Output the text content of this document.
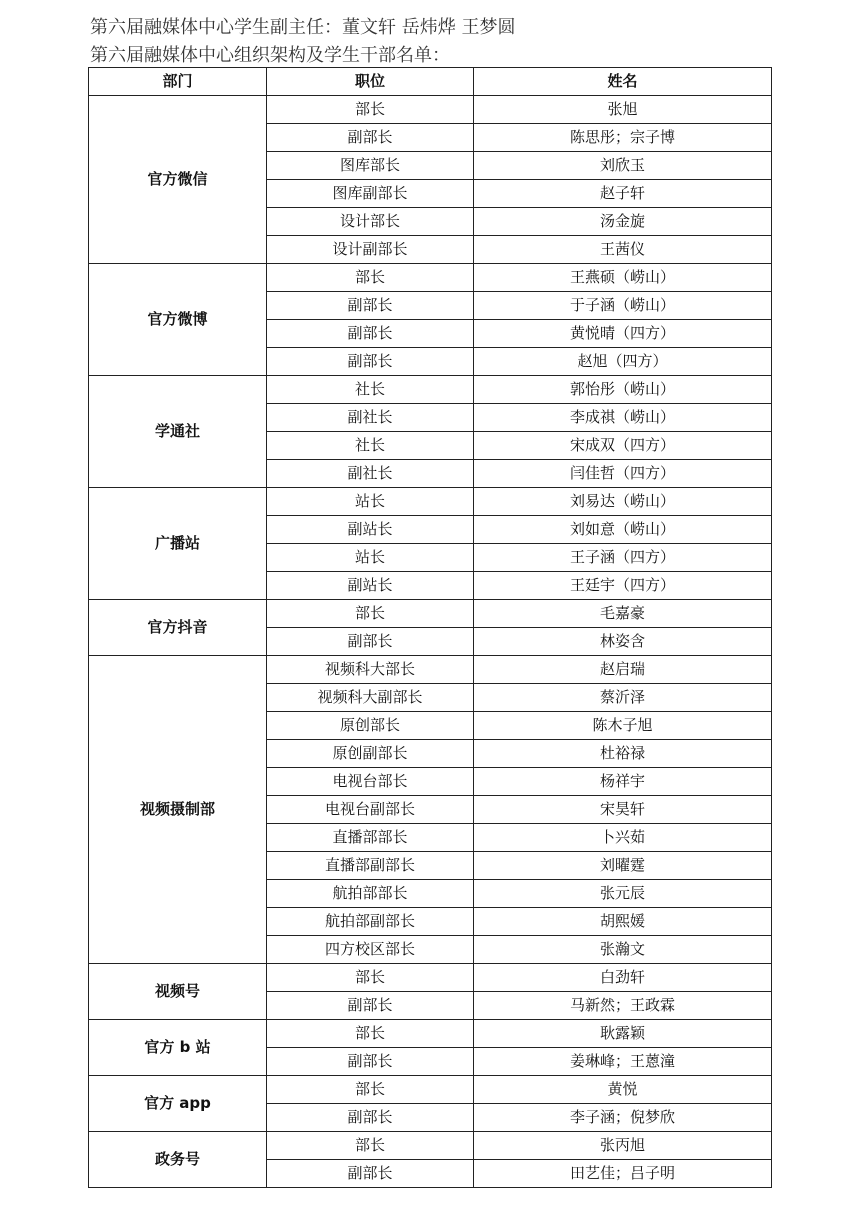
第六届融媒体中心学生副主任：董文轩 岳炜烨 王梦圆
第六届融媒体中心组织架构及学生干部名单：
部门	职位	姓名
官方微信	部长	张旭
	副部长	陈思彤；宗子博
	图库部长	刘欣玉
	图库副部长	赵子轩
	设计部长	汤金旋
	设计副部长	王茜仪
官方微博	部长	王燕硕（崂山）
	副部长	于子涵（崂山）
	副部长	黄悦晴（四方）
	副部长	赵旭（四方）
学通社	社长	郭怡彤（崂山）
	副社长	李成祺（崂山）
	社长	宋成双（四方）
	副社长	闫佳哲（四方）
广播站	站长	刘易达（崂山）
	副站长	刘如意（崂山）
	站长	王子涵（四方）
	副站长	王廷宇（四方）
官方抖音	部长	毛嘉豪
	副部长	林姿含
视频摄制部	视频科大部长	赵启瑞
	视频科大副部长	蔡沂泽
	原创部长	陈木子旭
	原创副部长	杜裕禄
	电视台部长	杨祥宇
	电视台副部长	宋昊轩
	直播部部长	卜兴茹
	直播部副部长	刘曜霆
	航拍部部长	张元辰
	航拍部副部长	胡熙媛
	四方校区部长	张瀚文
视频号	部长	白劲轩
	副部长	马新然；王政霖
官方 b 站	部长	耿露颖
	副部长	姜琳峰；王蒽潼
官方 app	部长	黄悦
	副部长	李子涵；倪梦欣
政务号	部长	张丙旭
	副部长	田艺佳；吕子明
